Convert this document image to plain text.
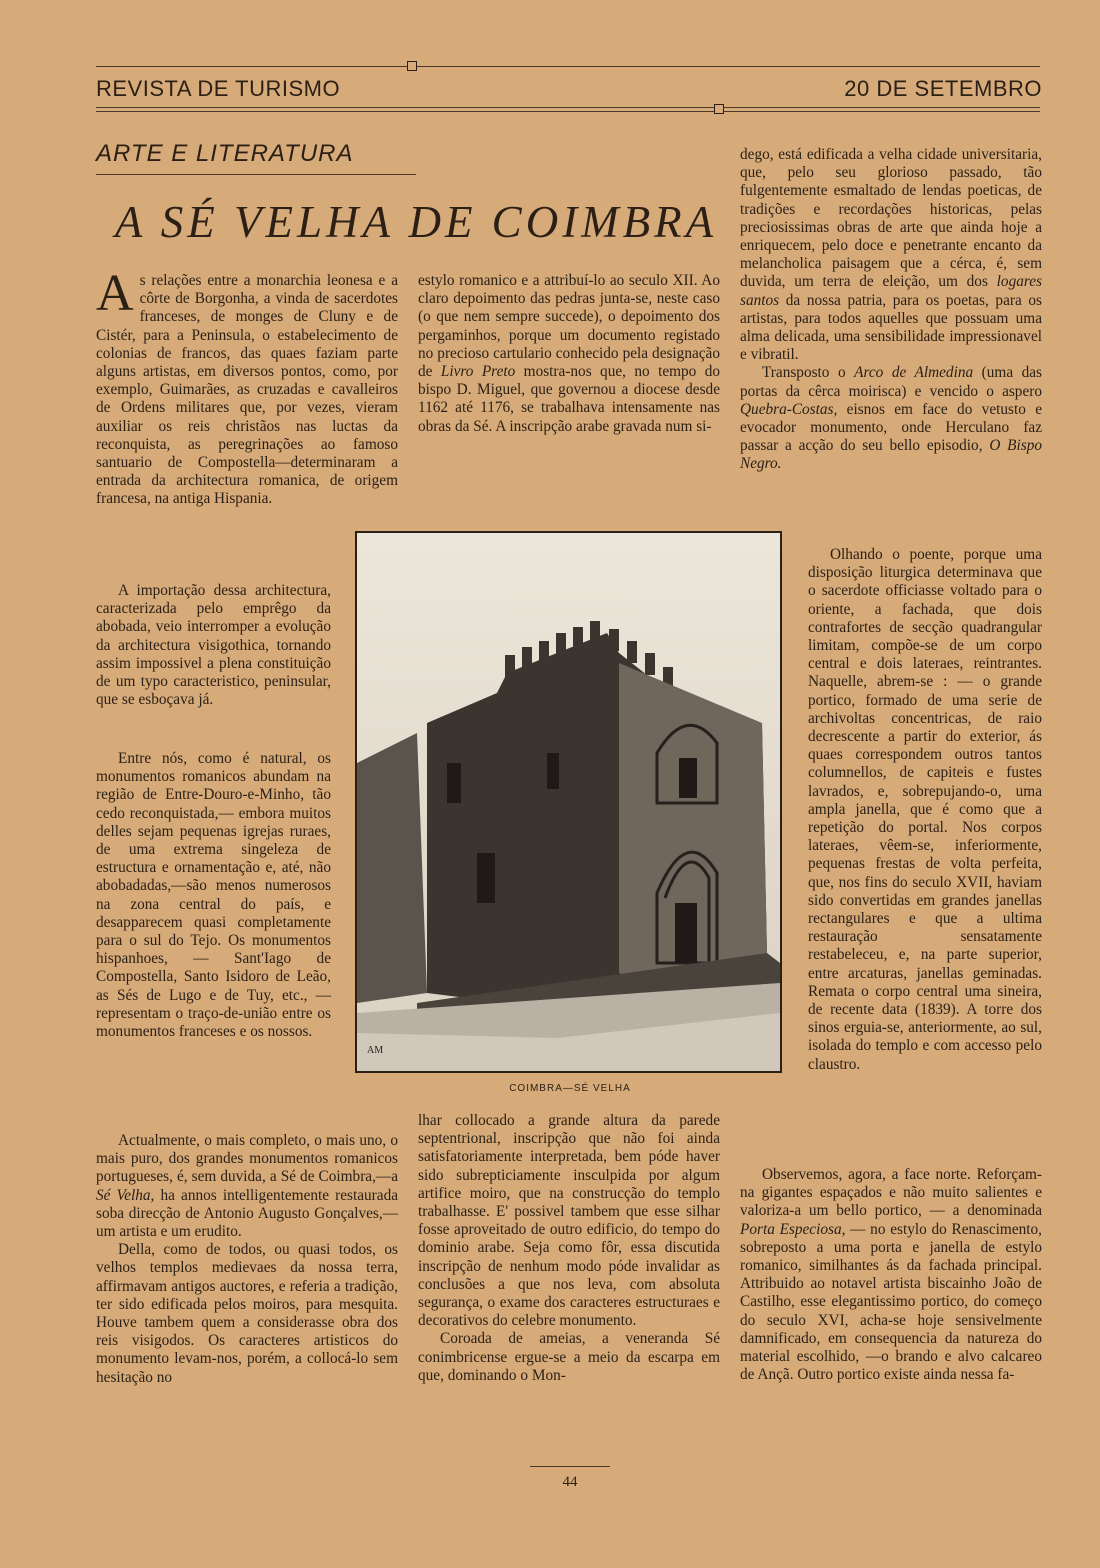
REVISTA DE TURISMO	20 DE SETEMBRO
ARTE E LITERATURA
A SÉ VELHA DE COIMBRA

As relações entre a monarchia leonesa e a côrte de Borgonha, a vinda de sacerdotes franceses, de monges de Cluny e de Cistér, para a Peninsula, o estabelecimento de colonias de francos, das quaes faziam parte alguns artistas, em diversos pontos, como, por exemplo, Guimarães, as cruzadas e cavalleiros de Ordens militares que, por vezes, vieram auxiliar os reis christãos nas luctas da reconquista, as peregrinações ao famoso santuario de Compostella—determinaram a entrada da architectura romanica, de origem francesa, na antiga Hispania.

A importação dessa architectura, caracterizada pelo emprêgo da abobada, veio interromper a evolução da architectura visigothica, tornando assim impossivel a plena constituição de um typo caracteristico, peninsular, que se esboçava já.

Entre nós, como é natural, os monumentos romanicos abundam na região de Entre-Douro-e-Minho, tão cedo reconquistada,— embora muitos delles sejam pequenas igrejas ruraes, de uma extrema singeleza de estructura e ornamentação e, até, não abobadadas,—são menos numerosos na zona central do país, e desapparecem quasi completamente para o sul do Tejo. Os monumentos hispanhoes, — Sant'Iago de Compostella, Santo Isidoro de Leão, as Sés de Lugo e de Tuy, etc., — representam o traço-de-união entre os monumentos franceses e os nossos.

Actualmente, o mais completo, o mais uno, o mais puro, dos grandes monumentos romanicos portugueses, é, sem duvida, a Sé de Coimbra,—a Sé Velha, ha annos intelligentemente restaurada soba direcção de Antonio Augusto Gonçalves,—um artista e um erudito.

Della, como de todos, ou quasi todos, os velhos templos medievaes da nossa terra, affirmavam antigos auctores, e referia a tradição, ter sido edificada pelos moiros, para mesquita. Houve tambem quem a considerasse obra dos reis visigodos. Os caracteres artisticos do monumento levam-nos, porém, a collocá-lo sem hesitação no

estylo romanico e a attribuí-lo ao seculo XII. Ao claro depoimento das pedras junta-se, neste caso (o que nem sempre succede), o depoimento dos pergaminhos, porque um documento registado no precioso cartulario conhecido pela designação de Livro Preto mostra-nos que, no tempo do bispo D. Miguel, que governou a diocese desde 1162 até 1176, se trabalhava intensamente nas obras da Sé. A inscripção arabe gravada num si-

AM
COIMBRA—SÉ VELHA

lhar collocado a grande altura da parede septentrional, inscripção que não foi ainda satisfatoriamente interpretada, bem póde haver sido subrepticiamente insculpida por algum artifice moiro, que na construcção do templo trabalhasse. E' possivel tambem que esse silhar fosse aproveitado de outro edificio, do tempo do dominio arabe. Seja como fôr, essa discutida inscripção de nenhum modo póde invalidar as conclusões a que nos leva, com absoluta segurança, o exame dos caracteres estructuraes e decorativos do celebre monumento.

Coroada de ameias, a veneranda Sé conimbricense ergue-se a meio da escarpa em que, dominando o Mon-

dego, está edificada a velha cidade universitaria, que, pelo seu glorioso passado, tão fulgentemente esmaltado de lendas poeticas, de tradições e recordações historicas, pelas preciosissimas obras de arte que ainda hoje a enriquecem, pelo doce e penetrante encanto da melancholica paisagem que a cérca, é, sem duvida, um terra de eleição, um dos logares santos da nossa patria, para os poetas, para os artistas, para todos aquelles que possuam uma alma delicada, uma sensibilidade impressionavel e vibratil.

Transposto o Arco de Almedina (uma das portas da cêrca moirisca) e vencido o aspero Quebra-Costas, eisnos em face do vetusto e evocador monumento, onde Herculano faz passar a acção do seu bello episodio, O Bispo Negro.

Olhando o poente, porque uma disposição liturgica determinava que o sacerdote officiasse voltado para o oriente, a fachada, que dois contrafortes de secção quadrangular limitam, compõe-se de um corpo central e dois lateraes, reintrantes. Naquelle, abrem-se : — o grande portico, formado de uma serie de archivoltas concentricas, de raio decrescente a partir do exterior, ás quaes correspondem outros tantos columnellos, de capiteis e fustes lavrados, e, sobrepujando-o, uma ampla janella, que é como que a repetição do portal. Nos corpos lateraes, vêem-se, inferiormente, pequenas frestas de volta perfeita, que, nos fins do seculo XVII, haviam sido convertidas em grandes janellas rectangulares e que a ultima restauração sensatamente restabeleceu, e, na parte superior, entre arcaturas, janellas geminadas. Rematа o corpo central uma sineira, de recente data (1839). A torre dos sinos erguia-se, anteriormente, ao sul, isolada do templo e com accesso pelo claustro.

Observemos, agora, a face norte. Reforçam-na gigantes espaçados e não muito salientes e valoriza-a um bello portico, — a denominada Porta Especiosa, — no estylo do Renascimento, sobreposto a uma porta e janella de estylo romanico, similhantes ás da fachada principal. Attribuido ao notavel artista biscainho João de Castilho, esse elegantissimo portico, do começo do seculo XVI, acha-se hoje sensivelmente damnificado, em consequencia da natureza do material escolhido, —o brando e alvo calcareo de Ançã. Outro portico existe ainda nessa fa-

44
